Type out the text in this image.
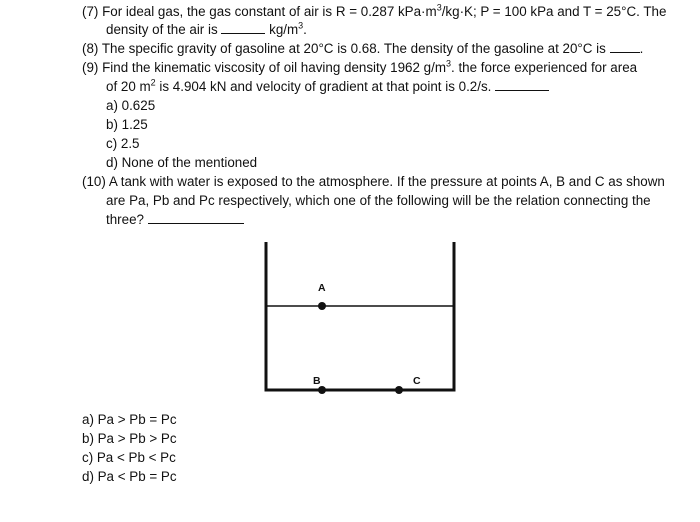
(7) For ideal gas, the gas constant of air is R = 0.287 $kPa\cdot m^3/kg\cdot K$; P = 100 kPa and T = 25°C. The
density of the air is	$kg/m^3$.
(8) The specific gravity of gasoline at 20°C is 0.68. The density of the gasoline at 20°C is	.
(9) Find the kinematic viscosity of oil having density 1962 $g/m^3$. the force experienced for area
of 20 $m^2$ is 4.904 kN and velocity of gradient at that point is 0.2/s.
a) 0.625
b) 1.25
c) 2.5
d) None of the mentioned
(10) A tank with water is exposed to the atmosphere. If the pressure at points A, B and C as shown
are Pa, Pb and Pc respectively, which one of the following will be the relation connecting the
three?
A
B	C
a) Pa > Pb = Pc
b) Pa > Pb > Pc
c) Pa < Pb < Pc
d) Pa < Pb = Pc
